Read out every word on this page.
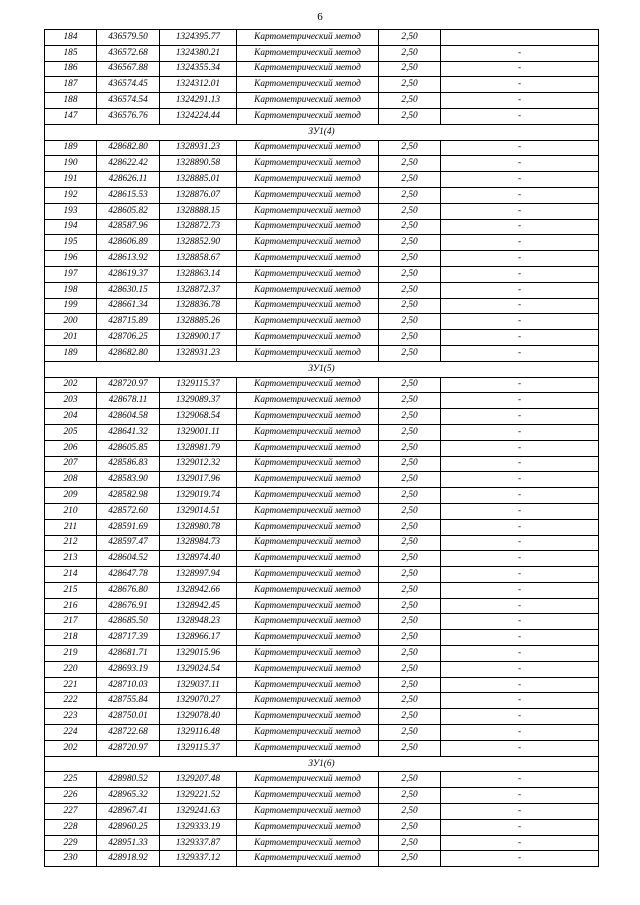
6
184	436579.50	1324395.77	Картометрический метод	2,50	
185	436572.68	1324380.21	Картометрический метод	2,50	-
186	436567.88	1324355.34	Картометрический метод	2,50	-
187	436574.45	1324312.01	Картометрический метод	2,50	-
188	436574.54	1324291.13	Картометрический метод	2,50	-
147	436576.76	1324224.44	Картометрический метод	2,50	-
ЗУ1(4)					
189	428682.80	1328931.23	Картометрический метод	2,50	-
190	428622.42	1328890.58	Картометрический метод	2,50	-
191	428626.11	1328885.01	Картометрический метод	2,50	-
192	428615.53	1328876.07	Картометрический метод	2,50	-
193	428605.82	1328888.15	Картометрический метод	2,50	-
194	428587.96	1328872.73	Картометрический метод	2,50	-
195	428606.89	1328852.90	Картометрический метод	2,50	-
196	428613.92	1328858.67	Картометрический метод	2,50	-
197	428619.37	1328863.14	Картометрический метод	2,50	-
198	428630.15	1328872.37	Картометрический метод	2,50	-
199	428661.34	1328836.78	Картометрический метод	2,50	-
200	428715.89	1328885.26	Картометрический метод	2,50	-
201	428706.25	1328900.17	Картометрический метод	2,50	-
189	428682.80	1328931.23	Картометрический метод	2,50	-
ЗУ1(5)					
202	428720.97	1329115.37	Картометрический метод	2,50	-
203	428678.11	1329089.37	Картометрический метод	2,50	-
204	428604.58	1329068.54	Картометрический метод	2,50	-
205	428641.32	1329001.11	Картометрический метод	2,50	-
206	428605.85	1328981.79	Картометрический метод	2,50	-
207	428586.83	1329012.32	Картометрический метод	2,50	-
208	428583.90	1329017.96	Картометрический метод	2,50	-
209	428582.98	1329019.74	Картометрический метод	2,50	-
210	428572.60	1329014.51	Картометрический метод	2,50	-
211	428591.69	1328980.78	Картометрический метод	2,50	-
212	428597.47	1328984.73	Картометрический метод	2,50	-
213	428604.52	1328974.40	Картометрический метод	2,50	-
214	428647.78	1328997.94	Картометрический метод	2,50	-
215	428676.80	1328942.66	Картометрический метод	2,50	-
216	428676.91	1328942.45	Картометрический метод	2,50	-
217	428685.50	1328948.23	Картометрический метод	2,50	-
218	428717.39	1328966.17	Картометрический метод	2,50	-
219	428681.71	1329015.96	Картометрический метод	2,50	-
220	428693.19	1329024.54	Картометрический метод	2,50	-
221	428710.03	1329037.11	Картометрический метод	2,50	-
222	428755.84	1329070.27	Картометрический метод	2,50	-
223	428750.01	1329078.40	Картометрический метод	2,50	-
224	428722.68	1329116.48	Картометрический метод	2,50	-
202	428720.97	1329115.37	Картометрический метод	2,50	-
ЗУ1(6)					
225	428980.52	1329207.48	Картометрический метод	2,50	-
226	428965.32	1329221.52	Картометрический метод	2,50	-
227	428967.41	1329241.63	Картометрический метод	2,50	-
228	428960.25	1329333.19	Картометрический метод	2,50	-
229	428951.33	1329337.87	Картометрический метод	2,50	-
230	428918.92	1329337.12	Картометрический метод	2,50	-
